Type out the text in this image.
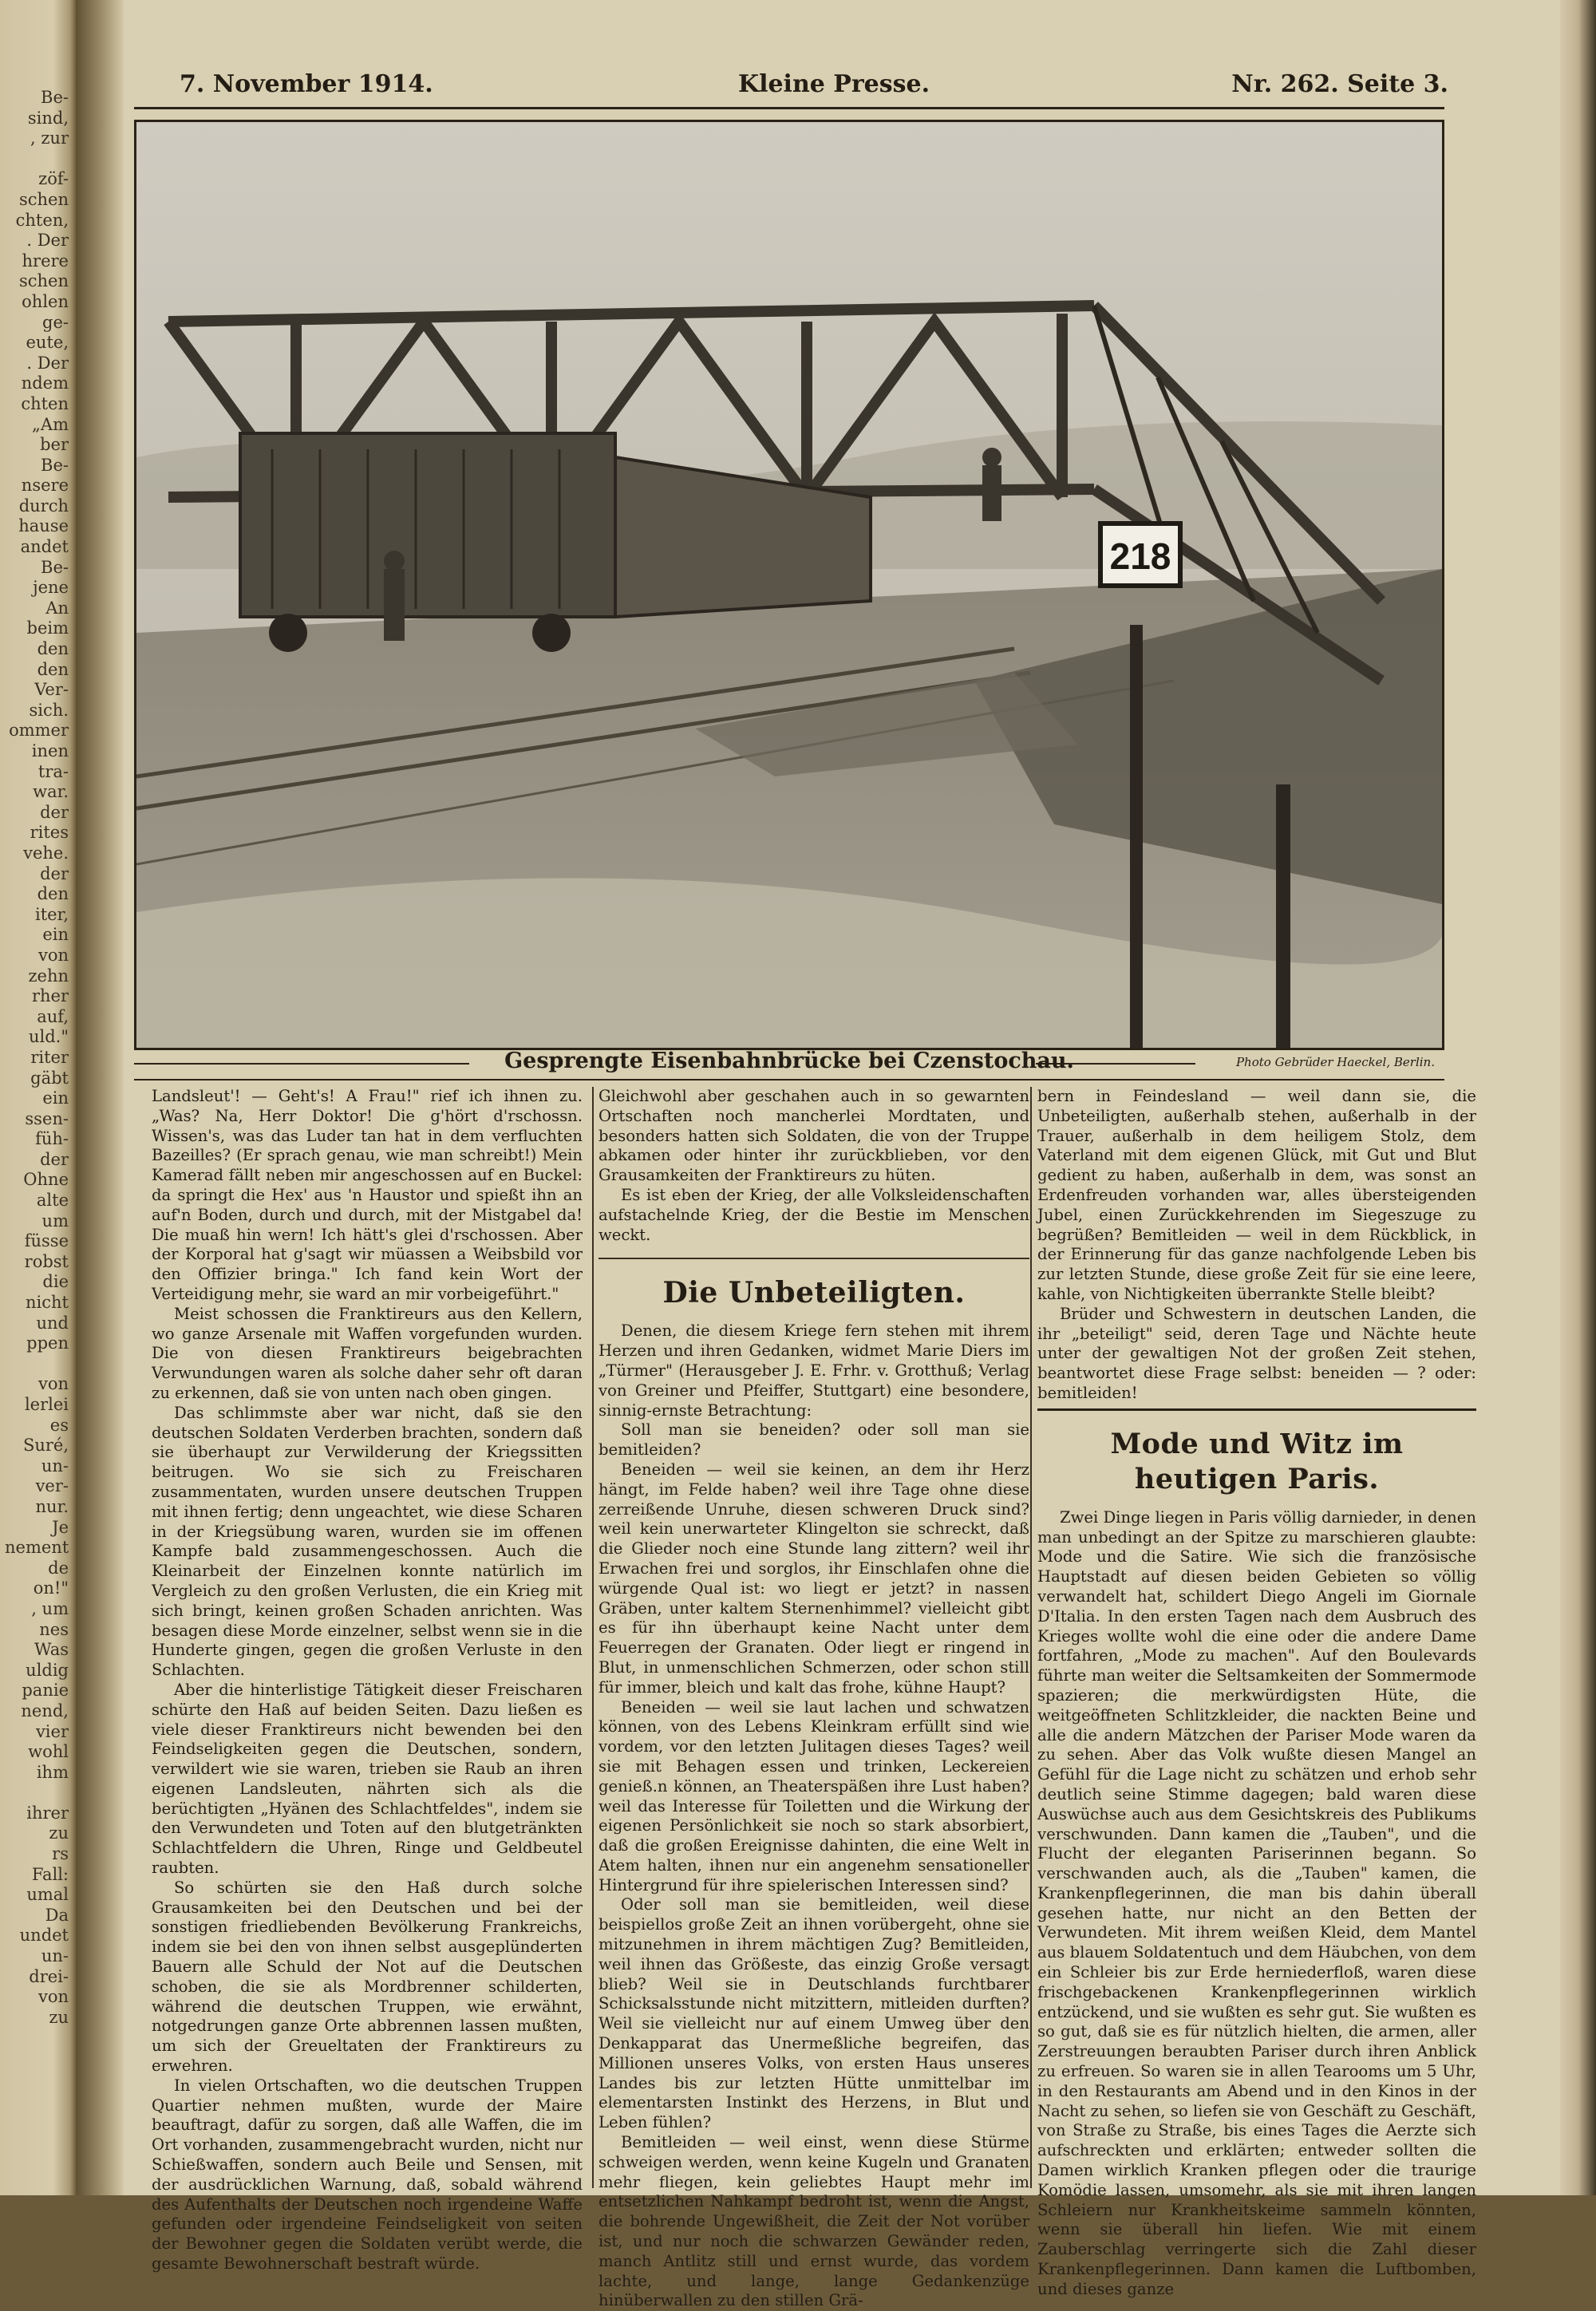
Be-
sind,
, zur

zöf-
schen
chten,
. Der
hrere
schen
ohlen
ge-
eute,
. Der
ndem
chten
„Am
ber
Be-
nsere
durch
hause
andet
Be-
jene
An
beim
den
den
Ver-
sich.
ommer
inen
tra-
war.
der
rites
vehe.
der
den
iter,
ein
von
zehn
rher
auf,
uld."
riter
gäbt
ein
ssen-
füh-
der
Ohne
alte
um
füsse
robst
die
nicht
und
ppen

von
lerlei
es
Suré,
un-
ver-
nur.
Je
nement
de
on!"
, um
nes
Was
uldig
panie
nend,
vier
wohl
ihm

ihrer
zu
rs
Fall:
umal
Da
undet
un-
drei-
von
zu
7. November 1914.	Kleine Presse.	Nr. 262. Seite 3.
218
Gesprengte Eisenbahnbrücke bei Czenstochau.	Photo Gebrüder Haeckel, Berlin.

Landsleut'! — Geht's! A Frau!" rief ich ihnen zu. „Was? Na, Herr Doktor! Die g'hört d'rschossn. Wissen's, was das Luder tan hat in dem verfluchten Bazeilles? (Er sprach genau, wie man schreibt!) Mein Kamerad fällt neben mir angeschossen auf en Buckel: da springt die Hex' aus 'n Haustor und spießt ihn an auf'n Boden, durch und durch, mit der Mistgabel da! Die muaß hin wern! Ich hätt's glei d'rschossen. Aber der Korporal hat g'sagt wir müassen a Weibsbild vor den Offizier bringa." Ich fand kein Wort der Verteidigung mehr, sie ward an mir vorbeigeführt."

Meist schossen die Franktireurs aus den Kellern, wo ganze Arsenale mit Waffen vorgefunden wurden. Die von diesen Franktireurs beigebrachten Verwundungen waren als solche daher sehr oft daran zu erkennen, daß sie von unten nach oben gingen.

Das schlimmste aber war nicht, daß sie den deutschen Soldaten Verderben brachten, sondern daß sie überhaupt zur Verwilderung der Kriegssitten beitrugen. Wo sie sich zu Freischaren zusammentaten, wurden unsere deutschen Truppen mit ihnen fertig; denn ungeachtet, wie diese Scharen in der Kriegsübung waren, wurden sie im offenen Kampfe bald zusammengeschossen. Auch die Kleinarbeit der Einzelnen konnte natürlich im Vergleich zu den großen Verlusten, die ein Krieg mit sich bringt, keinen großen Schaden anrichten. Was besagen diese Morde einzelner, selbst wenn sie in die Hunderte gingen, gegen die großen Verluste in den Schlachten.

Aber die hinterlistige Tätigkeit dieser Freischaren schürte den Haß auf beiden Seiten. Dazu ließen es viele dieser Franktireurs nicht bewenden bei den Feindseligkeiten gegen die Deutschen, sondern, verwildert wie sie waren, trieben sie Raub an ihren eigenen Landsleuten, nährten sich als die berüchtigten „Hyänen des Schlachtfeldes", indem sie den Verwundeten und Toten auf den blutgetränkten Schlachtfeldern die Uhren, Ringe und Geldbeutel raubten.

So schürten sie den Haß durch solche Grausamkeiten bei den Deutschen und bei der sonstigen friedliebenden Bevölkerung Frankreichs, indem sie bei den von ihnen selbst ausgeplünderten Bauern alle Schuld der Not auf die Deutschen schoben, die sie als Mordbrenner schilderten, während die deutschen Truppen, wie erwähnt, notgedrungen ganze Orte abbrennen lassen mußten, um sich der Greueltaten der Franktireurs zu erwehren.

In vielen Ortschaften, wo die deutschen Truppen Quartier nehmen mußten, wurde der Maire beauftragt, dafür zu sorgen, daß alle Waffen, die im Ort vorhanden, zusammengebracht wurden, nicht nur Schießwaffen, sondern auch Beile und Sensen, mit der ausdrücklichen Warnung, daß, sobald während des Aufenthalts der Deutschen noch irgendeine Waffe gefunden oder irgendeine Feindseligkeit von seiten der Bewohner gegen die Soldaten verübt werde, die gesamte Bewohnerschaft bestraft würde.

Gleichwohl aber geschahen auch in so gewarnten Ortschaften noch mancherlei Mordtaten, und besonders hatten sich Soldaten, die von der Truppe abkamen oder hinter ihr zurückblieben, vor den Grausamkeiten der Franktireurs zu hüten.

Es ist eben der Krieg, der alle Volksleidenschaften aufstachelnde Krieg, der die Bestie im Menschen weckt.

Die Unbeteiligten.

Denen, die diesem Kriege fern stehen mit ihrem Herzen und ihren Gedanken, widmet Marie Diers im „Türmer" (Herausgeber J. E. Frhr. v. Grotthuß; Verlag von Greiner und Pfeiffer, Stuttgart) eine besondere, sinnig-ernste Betrachtung:

Soll man sie beneiden? oder soll man sie bemitleiden?

Beneiden — weil sie keinen, an dem ihr Herz hängt, im Felde haben? weil ihre Tage ohne diese zerreißende Unruhe, diesen schweren Druck sind? weil kein unerwarteter Klingelton sie schreckt, daß die Glieder noch eine Stunde lang zittern? weil ihr Erwachen frei und sorglos, ihr Einschlafen ohne die würgende Qual ist: wo liegt er jetzt? in nassen Gräben, unter kaltem Sternenhimmel? vielleicht gibt es für ihn überhaupt keine Nacht unter dem Feuerregen der Granaten. Oder liegt er ringend in Blut, in unmenschlichen Schmerzen, oder schon still für immer, bleich und kalt das frohe, kühne Haupt?

Beneiden — weil sie laut lachen und schwatzen können, von des Lebens Kleinkram erfüllt sind wie vordem, vor den letzten Julitagen dieses Tages? weil sie mit Behagen essen und trinken, Leckereien genieß.n können, an Theaterspäßen ihre Lust haben? weil das Interesse für Toiletten und die Wirkung der eigenen Persönlichkeit sie noch so stark absorbiert, daß die großen Ereignisse dahinten, die eine Welt in Atem halten, ihnen nur ein angenehm sensationeller Hintergrund für ihre spielerischen Interessen sind?

Oder soll man sie bemitleiden, weil diese beispiellos große Zeit an ihnen vorübergeht, ohne sie mitzunehmen in ihrem mächtigen Zug? Bemitleiden, weil ihnen das Größeste, das einzig Große versagt blieb? Weil sie in Deutschlands furchtbarer Schicksalsstunde nicht mitzittern, mitleiden durften? Weil sie vielleicht nur auf einem Umweg über den Denkapparat das Unermeßliche begreifen, das Millionen unseres Volks, von ersten Haus unseres Landes bis zur letzten Hütte unmittelbar im elementarsten Instinkt des Herzens, in Blut und Leben fühlen?

Bemitleiden — weil einst, wenn diese Stürme schweigen werden, wenn keine Kugeln und Granaten mehr fliegen, kein geliebtes Haupt mehr im entsetzlichen Nahkampf bedroht ist, wenn die Angst, die bohrende Ungewißheit, die Zeit der Not vorüber ist, und nur noch die schwarzen Gewänder reden, manch Antlitz still und ernst wurde, das vordem lachte, und lange, lange Gedankenzüge hinüberwallen zu den stillen Grä-

bern in Feindesland — weil dann sie, die Unbeteiligten, außerhalb stehen, außerhalb in der Trauer, außerhalb in dem heiligem Stolz, dem Vaterland mit dem eigenen Glück, mit Gut und Blut gedient zu haben, außerhalb in dem, was sonst an Erdenfreuden vorhanden war, alles übersteigenden Jubel, einen Zurückkehrenden im Siegeszuge zu begrüßen? Bemitleiden — weil in dem Rückblick, in der Erinnerung für das ganze nachfolgende Leben bis zur letzten Stunde, diese große Zeit für sie eine leere, kahle, von Nichtigkeiten überrankte Stelle bleibt?

Brüder und Schwestern in deutschen Landen, die ihr „beteiligt" seid, deren Tage und Nächte heute unter der gewaltigen Not der großen Zeit stehen, beantwortet diese Frage selbst: beneiden — ? oder: bemitleiden!

Mode und Witz im heutigen Paris.

Zwei Dinge liegen in Paris völlig darnieder, in denen man unbedingt an der Spitze zu marschieren glaubte: Mode und die Satire. Wie sich die französische Hauptstadt auf diesen beiden Gebieten so völlig verwandelt hat, schildert Diego Angeli im Giornale D'Italia. In den ersten Tagen nach dem Ausbruch des Krieges wollte wohl die eine oder die andere Dame fortfahren, „Mode zu machen". Auf den Boulevards führte man weiter die Seltsamkeiten der Sommermode spazieren; die merkwürdigsten Hüte, die weitgeöffneten Schlitzkleider, die nackten Beine und alle die andern Mätzchen der Pariser Mode waren da zu sehen. Aber das Volk wußte diesen Mangel an Gefühl für die Lage nicht zu schätzen und erhob sehr deutlich seine Stimme dagegen; bald waren diese Auswüchse auch aus dem Gesichtskreis des Publikums verschwunden. Dann kamen die „Tauben", und die Flucht der eleganten Pariserinnen begann. So verschwanden auch, als die „Tauben" kamen, die Krankenpflegerinnen, die man bis dahin überall gesehen hatte, nur nicht an den Betten der Verwundeten. Mit ihrem weißen Kleid, dem Mantel aus blauem Soldatentuch und dem Häubchen, von dem ein Schleier bis zur Erde herniederfloß, waren diese frischgebackenen Krankenpflegerinnen wirklich entzückend, und sie wußten es sehr gut. Sie wußten es so gut, daß sie es für nützlich hielten, die armen, aller Zerstreuungen beraubten Pariser durch ihren Anblick zu erfreuen. So waren sie in allen Tearooms um 5 Uhr, in den Restaurants am Abend und in den Kinos in der Nacht zu sehen, so liefen sie von Geschäft zu Geschäft, von Straße zu Straße, bis eines Tages die Aerzte sich aufschreckten und erklärten; entweder sollten die Damen wirklich Kranken pflegen oder die traurige Komödie lassen, umsomehr, als sie mit ihren langen Schleiern nur Krankheitskeime sammeln könnten, wenn sie überall hin liefen. Wie mit einem Zauberschlag verringerte sich die Zahl dieser Krankenpflegerinnen. Dann kamen die Luftbomben, und dieses ganze
